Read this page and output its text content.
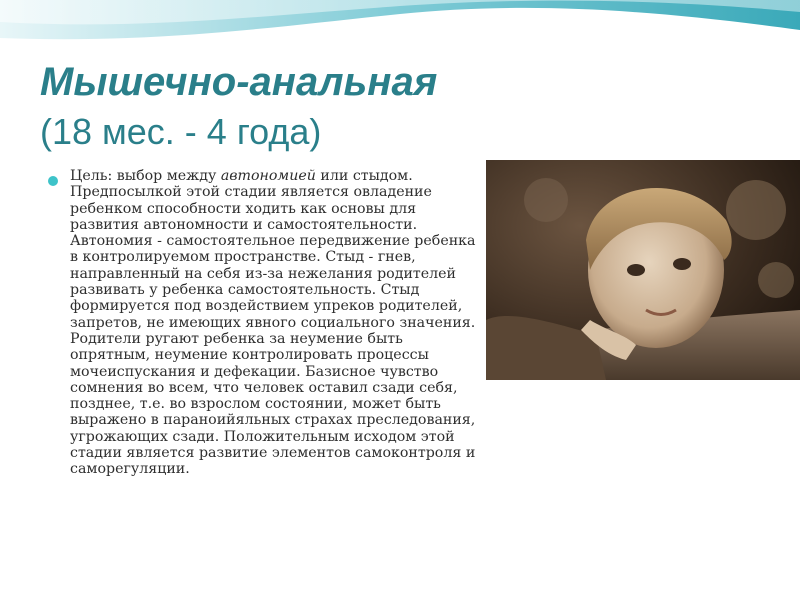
Мышечно-анальная
(18 мес. - 4 года)

Цель: выбор между автономией или стыдом. Предпосылкой этой стадии является овладение ребенком способности ходить как основы для развития автономности и самостоятельности. Автономия - самостоятельное передвижение ребенка в контролируемом пространстве. Стыд - гнев, направленный на себя из-за нежелания родителей развивать у ребенка самостоятельность. Стыд формируется под воздействием упреков родителей, запретов, не имеющих явного социального значения. Родители ругают ребенка за неумение быть опрятным, неумение контролировать процессы мочеиспускания и дефекации. Базисное чувство сомнения во всем, что человек оставил сзади себя, позднее, т.е. во взрослом состоянии, может быть выражено в параноийяльных страхах преследования, угрожающих сзади. Положительным исходом этой стадии является развитие элементов самоконтроля и саморегуляции.
